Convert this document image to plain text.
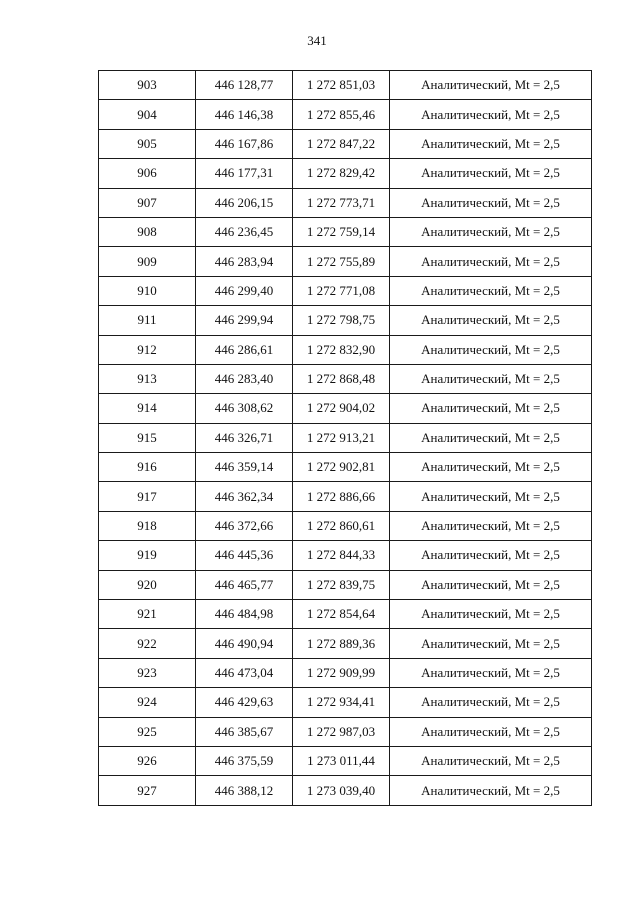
341
903	446 128,77	1 272 851,03	Аналитический, Mt = 2,5
904	446 146,38	1 272 855,46	Аналитический, Mt = 2,5
905	446 167,86	1 272 847,22	Аналитический, Mt = 2,5
906	446 177,31	1 272 829,42	Аналитический, Mt = 2,5
907	446 206,15	1 272 773,71	Аналитический, Mt = 2,5
908	446 236,45	1 272 759,14	Аналитический, Mt = 2,5
909	446 283,94	1 272 755,89	Аналитический, Mt = 2,5
910	446 299,40	1 272 771,08	Аналитический, Mt = 2,5
911	446 299,94	1 272 798,75	Аналитический, Mt = 2,5
912	446 286,61	1 272 832,90	Аналитический, Mt = 2,5
913	446 283,40	1 272 868,48	Аналитический, Mt = 2,5
914	446 308,62	1 272 904,02	Аналитический, Mt = 2,5
915	446 326,71	1 272 913,21	Аналитический, Mt = 2,5
916	446 359,14	1 272 902,81	Аналитический, Mt = 2,5
917	446 362,34	1 272 886,66	Аналитический, Mt = 2,5
918	446 372,66	1 272 860,61	Аналитический, Mt = 2,5
919	446 445,36	1 272 844,33	Аналитический, Mt = 2,5
920	446 465,77	1 272 839,75	Аналитический, Mt = 2,5
921	446 484,98	1 272 854,64	Аналитический, Mt = 2,5
922	446 490,94	1 272 889,36	Аналитический, Mt = 2,5
923	446 473,04	1 272 909,99	Аналитический, Mt = 2,5
924	446 429,63	1 272 934,41	Аналитический, Mt = 2,5
925	446 385,67	1 272 987,03	Аналитический, Mt = 2,5
926	446 375,59	1 273 011,44	Аналитический, Mt = 2,5
927	446 388,12	1 273 039,40	Аналитический, Mt = 2,5
